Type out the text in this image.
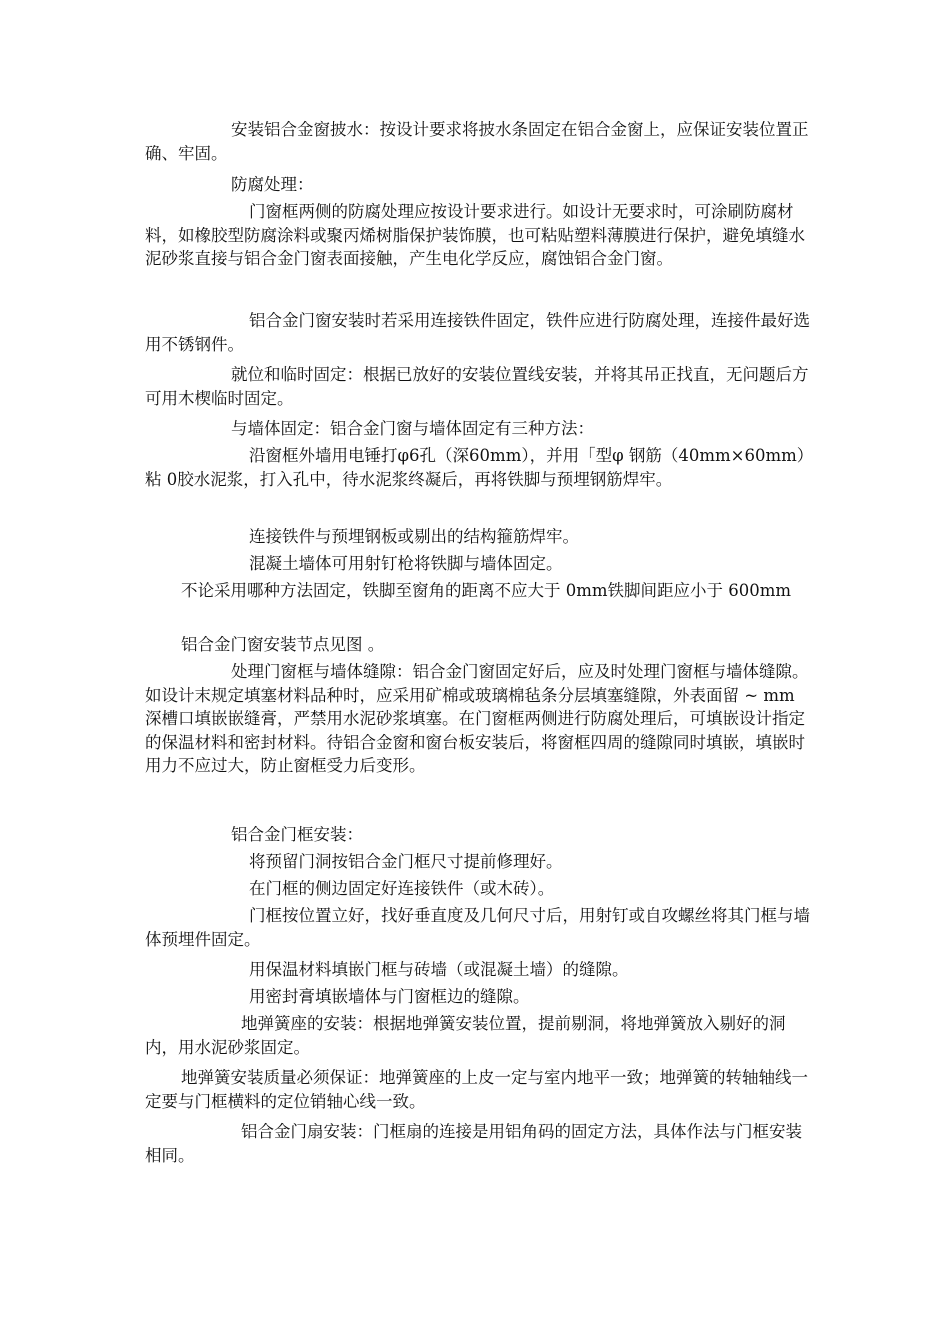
安装铝合金窗披水：按设计要求将披水条固定在铝合金窗上，应保证安装位置正确、牢固。

防腐处理：

门窗框两侧的防腐处理应按设计要求进行。如设计无要求时，可涂刷防腐材料，如橡胶型防腐涂料或聚丙烯树脂保护装饰膜，也可粘贴塑料薄膜进行保护，避免填缝水泥砂浆直接与铝合金门窗表面接触，产生电化学反应，腐蚀铝合金门窗。

铝合金门窗安装时若采用连接铁件固定，铁件应进行防腐处理，连接件最好选用不锈钢件。

就位和临时固定：根据已放好的安装位置线安装，并将其吊正找直，无问题后方可用木楔临时固定。

与墙体固定：铝合金门窗与墙体固定有三种方法：

沿窗框外墙用电锤打φ6孔（深60mm），并用「型φ 钢筋（40mm×60mm）粘 0胶水泥浆，打入孔中，待水泥浆终凝后，再将铁脚与预埋钢筋焊牢。

连接铁件与预埋钢板或剔出的结构箍筋焊牢。

混凝土墙体可用射钉枪将铁脚与墙体固定。

不论采用哪种方法固定，铁脚至窗角的距离不应大于 0mm铁脚间距应小于 600mm

铝合金门窗安装节点见图 。

处理门窗框与墙体缝隙：铝合金门窗固定好后，应及时处理门窗框与墙体缝隙。如设计末规定填塞材料品种时，应采用矿棉或玻璃棉毡条分层填塞缝隙，外表面留 ~ mm深槽口填嵌嵌缝膏，严禁用水泥砂浆填塞。在门窗框两侧进行防腐处理后，可填嵌设计指定的保温材料和密封材料。待铝合金窗和窗台板安装后，将窗框四周的缝隙同时填嵌，填嵌时用力不应过大，防止窗框受力后变形。

铝合金门框安装：

将预留门洞按铝合金门框尺寸提前修理好。

在门框的侧边固定好连接铁件（或木砖）。

门框按位置立好，找好垂直度及几何尺寸后，用射钉或自攻螺丝将其门框与墙体预埋件固定。

用保温材料填嵌门框与砖墙（或混凝土墙）的缝隙。

用密封膏填嵌墙体与门窗框边的缝隙。

地弹簧座的安装：根据地弹簧安装位置，提前剔洞，将地弹簧放入剔好的洞内，用水泥砂浆固定。

地弹簧安装质量必须保证：地弹簧座的上皮一定与室内地平一致；地弹簧的转轴轴线一定要与门框横料的定位销轴心线一致。

铝合金门扇安装：门框扇的连接是用铝角码的固定方法，具体作法与门框安装相同。
